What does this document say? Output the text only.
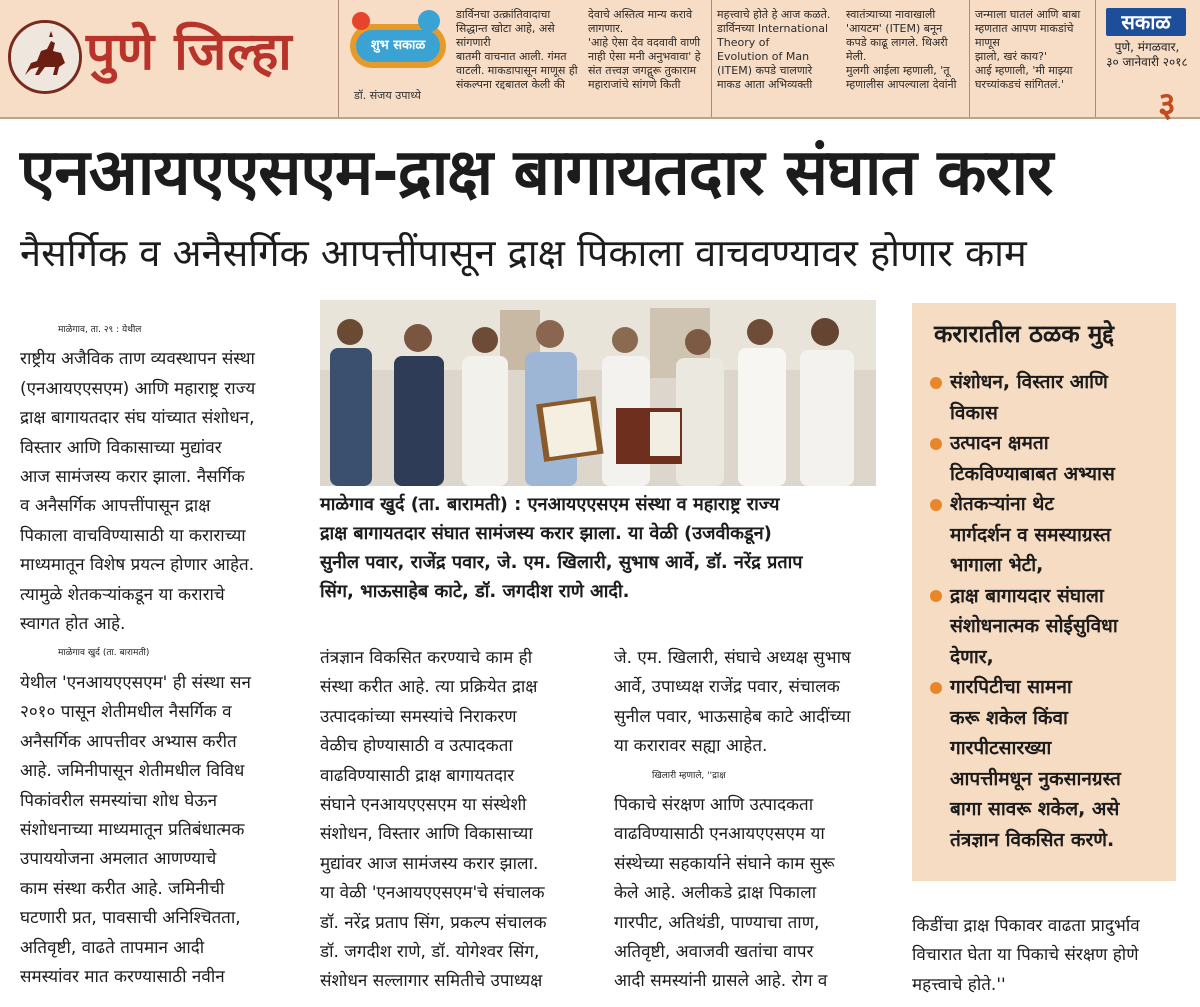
पुणे जिल्हा	शुभ सकाळ
डॉ. संजय उपाध्ये
डार्विनचा उत्क्रांतिवादाचा
सिद्धान्त खोटा आहे, असे
सांगणारी
बातमी वाचनात आली. गंमत
वाटली. माकडापासून माणूस ही
संकल्पना रद्दबातल केली की
देवाचे अस्तित्व मान्य करावे
लागणार.
'आहे ऐसा देव वदवावी वाणी
नाही ऐसा मनी अनुभवावा' हे
संत तत्त्वज्ञ जगद्गुरू तुकाराम
महाराजांचे सांगणे किती
महत्त्वाचे होते हे आज कळते.
डार्विनच्या International
Theory of
Evolution of Man
(ITEM) कपडे चालणारे
माकड आता अभिव्यक्ती
स्वातंत्र्याच्या नावाखाली
'आयटम' (ITEM) बनून
कपडे काढू लागले. थिअरी
मेली.
मुलगी आईला म्हणाली, 'तू
म्हणालीस आपल्याला देवांनी
जन्माला घातलं आणि बाबा
म्हणतात आपण माकडांचे
माणूस
झालो, खरं काय?'
आई म्हणाली, 'मी माझ्या
घरच्यांकडचं सांगितलं.'
सकाळ
पुणे, मंगळवार,
३० जानेवारी २०१८
३
एनआयएएसएम-द्राक्ष बागायतदार संघात करार
नैसर्गिक व अनैसर्गिक आपत्तींपासून द्राक्ष पिकाला वाचवण्यावर होणार काम
माळेगाव, ता. २९ : येथील
राष्ट्रीय अजैविक ताण व्यवस्थापन संस्था
(एनआयएएसएम) आणि महाराष्ट्र राज्य
द्राक्ष बागायतदार संघ यांच्यात संशोधन,
विस्तार आणि विकासाच्या मुद्यांवर
आज सामंजस्य करार झाला. नैसर्गिक
व अनैसर्गिक आपत्तींपासून द्राक्ष
पिकाला वाचविण्यासाठी या कराराच्या
माध्यमातून विशेष प्रयत्न होणार आहेत.
त्यामुळे शेतकऱ्यांकडून या कराराचे
स्वागत होत आहे.
माळेगाव खुर्द (ता. बारामती)
येथील 'एनआयएएसएम' ही संस्था सन
२०१० पासून शेतीमधील नैसर्गिक व
अनैसर्गिक आपत्तीवर अभ्यास करीत
आहे. जमिनीपासून शेतीमधील विविध
पिकांवरील समस्यांचा शोध घेऊन
संशोधनाच्या माध्यमातून प्रतिबंधात्मक
उपाययोजना अमलात आणण्याचे
काम संस्था करीत आहे. जमिनीची
घटणारी प्रत, पावसाची अनिश्चितता,
अतिवृष्टी, वाढते तापमान आदी
समस्यांवर मात करण्यासाठी नवीन
माळेगाव खुर्द (ता. बारामती) : एनआयएएसएम संस्था व महाराष्ट्र राज्य
द्राक्ष बागायतदार संघात सामंजस्य करार झाला. या वेळी (उजवीकडून)
सुनील पवार, राजेंद्र पवार, जे. एम. खिलारी, सुभाष आर्वे, डॉ. नरेंद्र प्रताप
सिंग, भाऊसाहेब काटे, डॉ. जगदीश राणे आदी.
तंत्रज्ञान विकसित करण्याचे काम ही
संस्था करीत आहे. त्या प्रक्रियेत द्राक्ष
उत्पादकांच्या समस्यांचे निराकरण
वेळीच होण्यासाठी व उत्पादकता
वाढविण्यासाठी द्राक्ष बागायतदार
संघाने एनआयएएसएम या संस्थेशी
संशोधन, विस्तार आणि विकासाच्या
मुद्यांवर आज सामंजस्य करार झाला.
या वेळी 'एनआयएएसएम'चे संचालक
डॉ. नरेंद्र प्रताप सिंग, प्रकल्प संचालक
डॉ. जगदीश राणे, डॉ. योगेश्वर सिंग,
संशोधन सल्लागार समितीचे उपाध्यक्ष
जे. एम. खिलारी, संघाचे अध्यक्ष सुभाष
आर्वे, उपाध्यक्ष राजेंद्र पवार, संचालक
सुनील पवार, भाऊसाहेब काटे आदींच्या
या करारावर सह्या आहेत.
खिलारी म्हणाले, ''द्राक्ष
पिकाचे संरक्षण आणि उत्पादकता
वाढविण्यासाठी एनआयएएसएम या
संस्थेच्या सहकार्याने संघाने काम सुरू
केले आहे. अलीकडे द्राक्ष पिकाला
गारपीट, अतिथंडी, पाण्याचा ताण,
अतिवृष्टी, अवाजवी खतांचा वापर
आदी समस्यांनी ग्रासले आहे. रोग व
करारातील ठळक मुद्दे
संशोधन, विस्तार आणि
विकास
उत्पादन क्षमता
टिकविण्याबाबत अभ्यास
शेतकऱ्यांना थेट
मार्गदर्शन व समस्याग्रस्त
भागाला भेटी,
द्राक्ष बागायदार संघाला
संशोधनात्मक सोईसुविधा
देणार,
गारपिटीचा सामना
करू शकेल किंवा
गारपीटसारख्या
आपत्तीमधून नुकसानग्रस्त
बागा सावरू शकेल, असे
तंत्रज्ञान विकसित करणे.
किडींचा द्राक्ष पिकावर वाढता प्रादुर्भाव
विचारात घेता या पिकाचे संरक्षण होणे
महत्त्वाचे होते.''
